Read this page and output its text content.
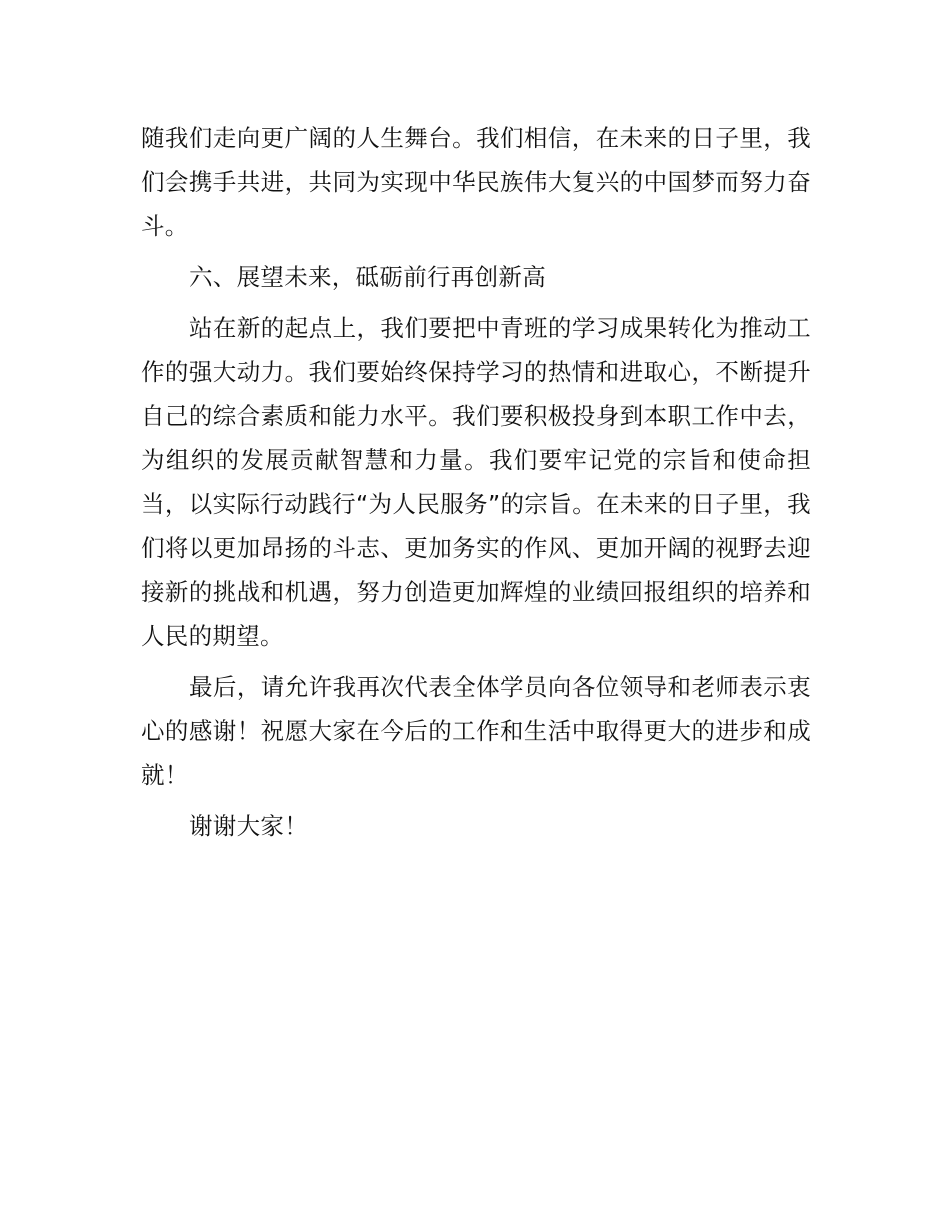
随我们走向更广阔的人生舞台。我们相信，在未来的日子里，我们会携手共进，共同为实现中华民族伟大复兴的中国梦而努力奋斗。

六、展望未来，砥砺前行再创新高

站在新的起点上，我们要把中青班的学习成果转化为推动工作的强大动力。我们要始终保持学习的热情和进取心，不断提升自己的综合素质和能力水平。我们要积极投身到本职工作中去，为组织的发展贡献智慧和力量。我们要牢记党的宗旨和使命担当，以实际行动践行“为人民服务”的宗旨。在未来的日子里，我们将以更加昂扬的斗志、更加务实的作风、更加开阔的视野去迎接新的挑战和机遇，努力创造更加辉煌的业绩回报组织的培养和人民的期望。

最后，请允许我再次代表全体学员向各位领导和老师表示衷心的感谢！祝愿大家在今后的工作和生活中取得更大的进步和成就！

谢谢大家！
